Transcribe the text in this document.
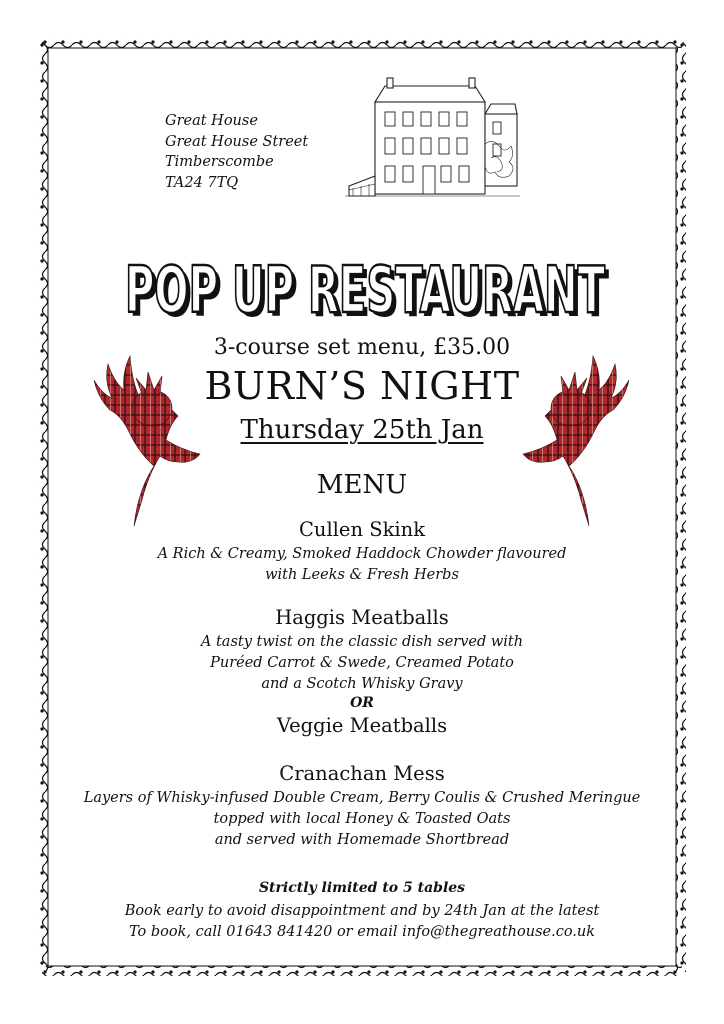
Great House
Great House Street
Timberscombe
TA24 7TQ
POP UP RESTAURANT
POP UP RESTAURANT
3-course set menu, £35.00
BURN’S NIGHT
Thursday 25th Jan
MENU
Cullen Skink
A Rich & Creamy, Smoked Haddock Chowder flavoured
with Leeks & Fresh Herbs
Haggis Meatballs
A tasty twist on the classic dish served with
Puréed Carrot & Swede, Creamed Potato
and a Scotch Whisky Gravy
OR
Veggie Meatballs
Cranachan Mess
Layers of Whisky-infused Double Cream, Berry Coulis & Crushed Meringue
topped with local Honey & Toasted Oats
and served with Homemade Shortbread
Strictly limited to 5 tables
Book early to avoid disappointment and by 24th Jan at the latest
To book, call 01643 841420 or email info@thegreathouse.co.uk
